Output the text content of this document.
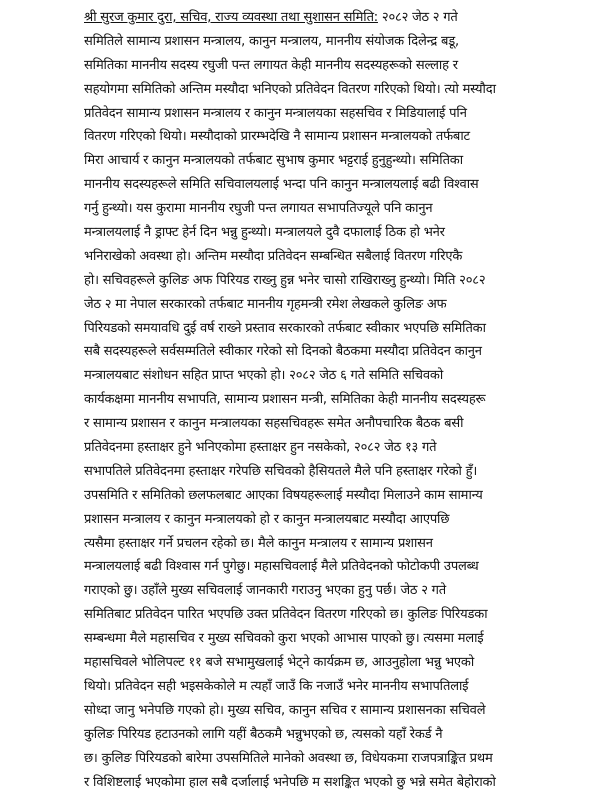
श्री सुरज कुमार दुरा, सचिव, राज्य व्यवस्था तथा सुशासन समिति: २०८२ जेठ २ गते
समितिले सामान्य प्रशासन मन्त्रालय, कानुन मन्त्रालय, माननीय संयोजक दिलेन्द्र बडू,
समितिका माननीय सदस्य रघुजी पन्त लगायत केही माननीय सदस्यहरूको सल्लाह र
सहयोगमा समितिको अन्तिम मस्यौदा भनिएको प्रतिवेदन वितरण गरिएको थियो। त्यो मस्यौदा
प्रतिवेदन सामान्य प्रशासन मन्त्रालय र कानुन मन्त्रालयका सहसचिव र मिडियालाई पनि
वितरण गरिएको थियो। मस्यौदाको प्रारम्भदेखि नै सामान्य प्रशासन मन्त्रालयको तर्फबाट
मिरा आचार्य र कानुन मन्त्रालयको तर्फबाट सुभाष कुमार भट्टराई हुनुहुन्थ्यो। समितिका
माननीय सदस्यहरूले समिति सचिवालयलाई भन्दा पनि कानुन मन्त्रालयलाई बढी विश्वास
गर्नु हुन्थ्यो। यस कुरामा माननीय रघुजी पन्त लगायत सभापतिज्यूले पनि कानुन
मन्त्रालयलाई नै ड्राफ्ट हेर्न दिन भन्नु हुन्थ्यो। मन्त्रालयले दुवै दफालाई ठिक हो भनेर
भनिराखेको अवस्था हो। अन्तिम मस्यौदा प्रतिवेदन सम्बन्धित सबैलाई वितरण गरिएकै
हो। सचिवहरूले कुलिङ अफ पिरियड राख्नु हुन्न भनेर चासो राखिराख्नु हुन्थ्यो। मिति २०८२
जेठ २ मा नेपाल सरकारको तर्फबाट माननीय गृहमन्त्री रमेश लेखकले कुलिङ अफ
पिरियडको समयावधि दुई वर्ष राख्ने प्रस्ताव सरकारको तर्फबाट स्वीकार भएपछि समितिका
सबै सदस्यहरूले सर्वसम्मतिले स्वीकार गरेको सो दिनको बैठकमा मस्यौदा प्रतिवेदन कानुन
मन्त्रालयबाट संशोधन सहित प्राप्त भएको हो। २०८२ जेठ ६ गते समिति सचिवको
कार्यकक्षमा माननीय सभापति, सामान्य प्रशासन मन्त्री, समितिका केही माननीय सदस्यहरू
र सामान्य प्रशासन र कानुन मन्त्रालयका सहसचिवहरू समेत अनौपचारिक बैठक बसी
प्रतिवेदनमा हस्ताक्षर हुने भनिएकोमा हस्ताक्षर हुन नसकेको, २०८२ जेठ १३ गते
सभापतिले प्रतिवेदनमा हस्ताक्षर गरेपछि सचिवको हैसियतले मैले पनि हस्ताक्षर गरेको हुँ।
उपसमिति र समितिको छलफलबाट आएका विषयहरूलाई मस्यौदा मिलाउने काम सामान्य
प्रशासन मन्त्रालय र कानुन मन्त्रालयको हो र कानुन मन्त्रालयबाट मस्यौदा आएपछि
त्यसैमा हस्ताक्षर गर्ने प्रचलन रहेको छ। मैले कानुन मन्त्रालय र सामान्य प्रशासन
मन्त्रालयलाई बढी विश्वास गर्न पुगेछु। महासचिवलाई मैले प्रतिवेदनको फोटोकपी उपलब्ध
गराएको छु। उहाँले मुख्य सचिवलाई जानकारी गराउनु भएका हुनु पर्छ। जेठ २ गते
समितिबाट प्रतिवेदन पारित भएपछि उक्त प्रतिवेदन वितरण गरिएको छ। कुलिङ पिरियडका
सम्बन्धमा मैले महासचिव र मुख्य सचिवको कुरा भएको आभास पाएको छु। त्यसमा मलाई
महासचिवले भोलिपल्ट ११ बजे सभामुखलाई भेट्ने कार्यक्रम छ, आउनुहोला भन्नु भएको
थियो। प्रतिवेदन सही भइसकेकोले म त्यहाँ जाउँ कि नजाउँ भनेर माननीय सभापतिलाई
सोध्दा जानु भनेपछि गएको हो। मुख्य सचिव, कानुन सचिव र सामान्य प्रशासनका सचिवले
कुलिङ पिरियड हटाउनको लागि यहीं बैठकमै भन्नुभएको छ, त्यसको यहाँ रेकर्ड नै
छ। कुलिङ पिरियडको बारेमा उपसमितिले मानेको अवस्था छ, विधेयकमा राजपत्राङ्कित प्रथम
र विशिष्टलाई भएकोमा हाल सबै दर्जालाई भनेपछि म सशङ्कित भएको छु भन्ने समेत बेहोराको
